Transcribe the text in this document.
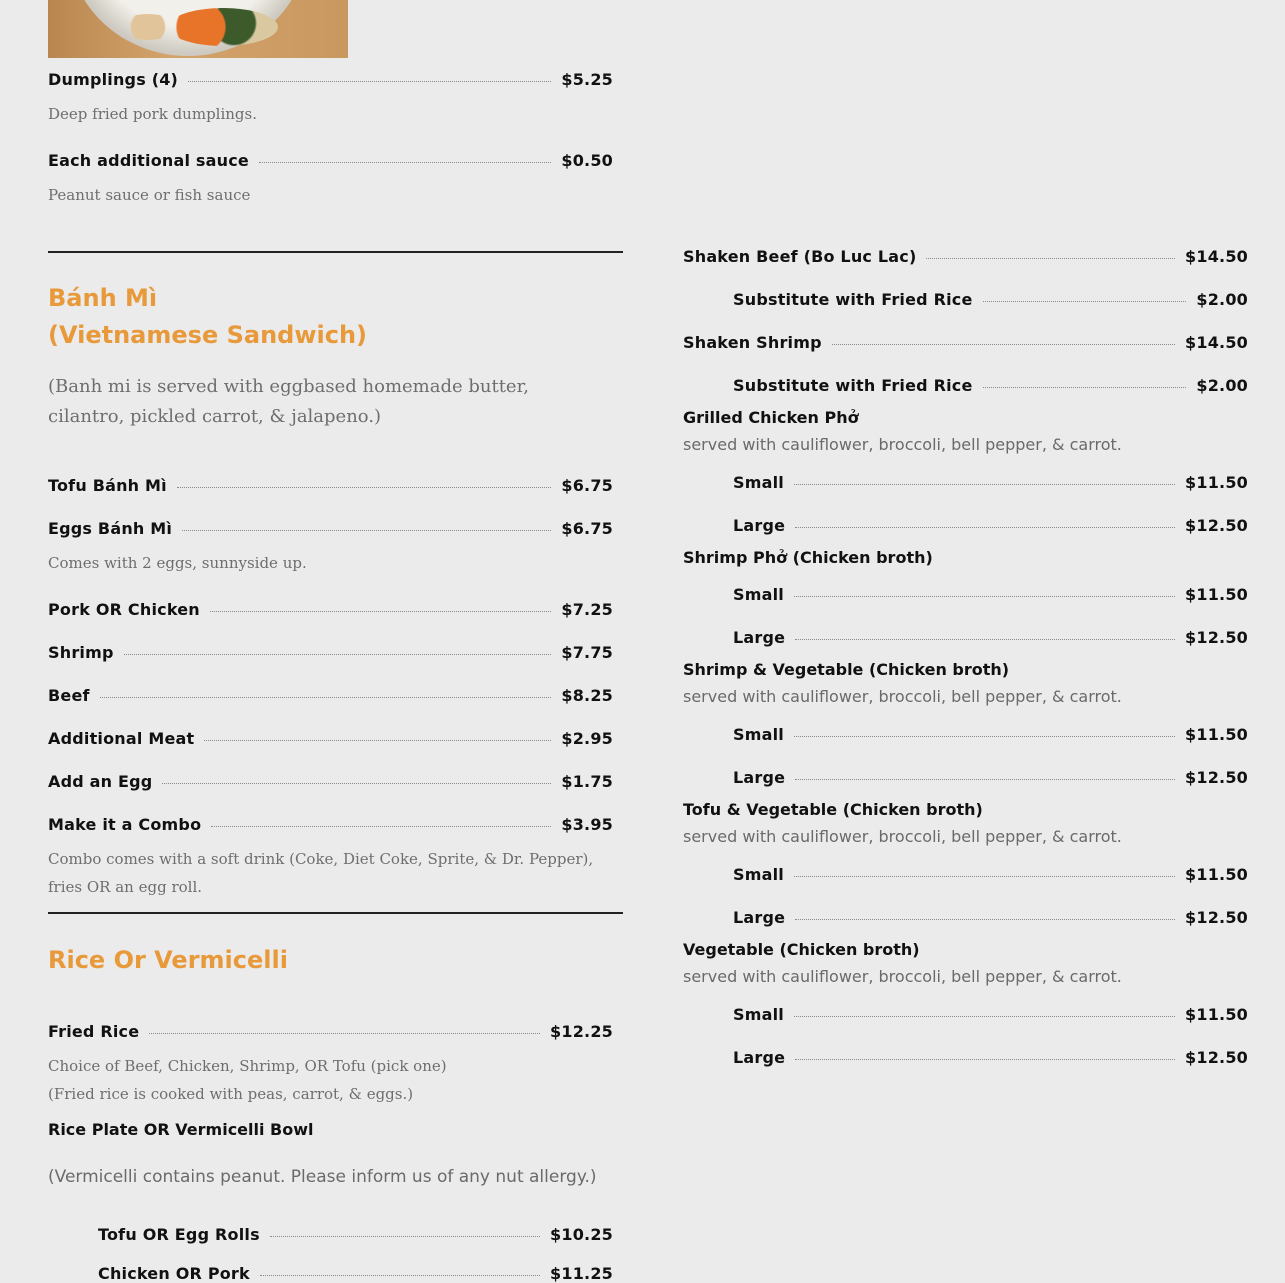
Dumplings (4)	$5.25
Deep fried pork dumplings.
Each additional sauce	$0.50
Peanut sauce or fish sauce
Bánh Mì
(Vietnamese Sandwich)
(Banh mi is served with eggbased homemade butter, cilantro, pickled carrot, & jalapeno.)
Tofu Bánh Mì	$6.75
Eggs Bánh Mì	$6.75
Comes with 2 eggs, sunnyside up.
Pork OR Chicken	$7.25
Shrimp	$7.75
Beef	$8.25
Additional Meat	$2.95
Add an Egg	$1.75
Make it a Combo	$3.95
Combo comes with a soft drink (Coke, Diet Coke, Sprite, & Dr. Pepper), fries OR an egg roll.
Rice Or Vermicelli
Fried Rice	$12.25
Choice of Beef, Chicken, Shrimp, OR Tofu (pick one)
(Fried rice is cooked with peas, carrot, & eggs.)
Rice Plate OR Vermicelli Bowl
(Vermicelli contains peanut. Please inform us of any nut allergy.)
Tofu OR Egg Rolls	$10.25
Chicken OR Pork	$11.25
Shaken Beef (Bo Luc Lac)	$14.50
Substitute with Fried Rice	$2.00
Shaken Shrimp	$14.50
Substitute with Fried Rice	$2.00
Grilled Chicken Phở
served with cauliflower, broccoli, bell pepper, & carrot.
Small	$11.50
Large	$12.50
Shrimp Phở (Chicken broth)
Small	$11.50
Large	$12.50
Shrimp & Vegetable (Chicken broth)
served with cauliflower, broccoli, bell pepper, & carrot.
Small	$11.50
Large	$12.50
Tofu & Vegetable (Chicken broth)
served with cauliflower, broccoli, bell pepper, & carrot.
Small	$11.50
Large	$12.50
Vegetable (Chicken broth)
served with cauliflower, broccoli, bell pepper, & carrot.
Small	$11.50
Large	$12.50
